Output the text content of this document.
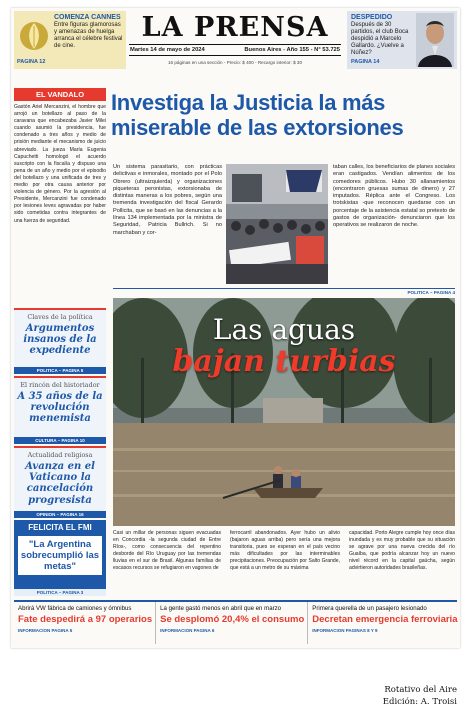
COMENZA CANNES
Entre figuras glamorosas y amenazas de huelga arranca el célebre festival de cine.
PAGINA 12
LA PRENSA
Martes 14 de mayo de 2024	Buenos Aires - Año 155 - N° 53.725
16 páginas en una sección - Precio: $ 400 - Recargo interior: $ 30
DESPEDIDO
Después de 30 partidos, el club Boca despidió a Marcelo Gallardo. ¿Vuelve a Núñez?
PAGINA 14
EL VANDALO
Gastón Ariel Mercanzini, el hombre que arrojó un botellazo al paso de la caravana que encabezaba Javier Milei cuando asumió la presidencia, fue condenado a tres años y medio de prisión mediante el mecanismo de juicio abreviado. La jueza María Eugenia Capuchetti homologó el acuerdo suscripto con la fiscalía y dispuso una pena de un año y medio por el episodio del botellazo y una unificada de tres y medio por otra causa anterior por violencia de género. Por la agresión al Presidente, Mercanzini fue condenado por lesiones leves agravadas por haber sido cometidas contra integrantes de una fuerza de seguridad.
Claves de la política
Argumentos insanos de la expediente
POLITICA – PAGINA 5
El rincón del historiador
A 35 años de la revolución menemista
CULTURA – PAGINA 10
Actualidad religiosa
Avanza en el Vaticano la cancelación progresista
OPINION – PAGINA 16
FELICITA EL FMI
"La Argentina sobrecumplió las metas"
POLITICA – PAGINA 3
Investiga la Justicia la más miserable de las extorsiones
Un sistema parasitario, con prácticas delictivas e inmorales, montado por el Polo Obrero (ultraizquierda) y organizaciones piqueteras peronistas, extorsionaba de distintas maneras a los pobres, según una tremenda investigación del fiscal Gerardo Pollicita, que se basó en las denuncias a la línea 134 implementada por la ministra de Seguridad, Patricia Bullrich. Si no marchaban y cor-
taban calles, los beneficiarios de planes sociales eran castigados. Vendían alimentos de los comedores públicos. Hubo 30 allanamientos (encontraron gruesas sumas de dinero) y 27 imputados. Réplica ante el Congreso. Los trotskistas -que reconocen quedarse con un porcentaje de la asistencia estatal so pretexto de gastos de organización- denunciaron que los operativos se realizaron de noche.
POLITICA – PAGINA 4
Las aguas
bajan turbias
Casi un millar de personas siguen evacuadas en Concordia -la segunda ciudad de Entre Ríos-, como consecuencia del repentino desborde del Río Uruguay por las tremendas lluvias en el sur de Brasil. Algunas familias de escasos recursos se refugiaron en vagones de
ferrocarril abandonados. Ayer hubo un alivio (bajaron aguas arriba) pero sería una mejora transitoria, pues se esperan en el país vecino más dificultades por las interminables precipitaciones. Preocupación por Salto Grande, que está a un metro de su máxima
capacidad. Porto Alegre cumple hoy once días inundada y es muy probable que su situación se agrave por una nueva crecida del río Guaíba, que podría alcanzar hoy un nuevo nivel récord en la capital gaúcha, según advirtieron autoridades brasileñas.
Abrirá VW fábrica de camiones y ómnibus
Fate despedirá a 97 operarios
INFORMACION PAGINA 5
La gente gastó menos en abril que en marzo
Se desplomó 20,4% el consumo
INFORMACION PAGINA 6
Primera querella de un pasajero lesionado
Decretan emergencia ferroviaria
INFORMACION PAGINAS 8 Y 9
Rotativo del Aire
Edición: A. Troisi
